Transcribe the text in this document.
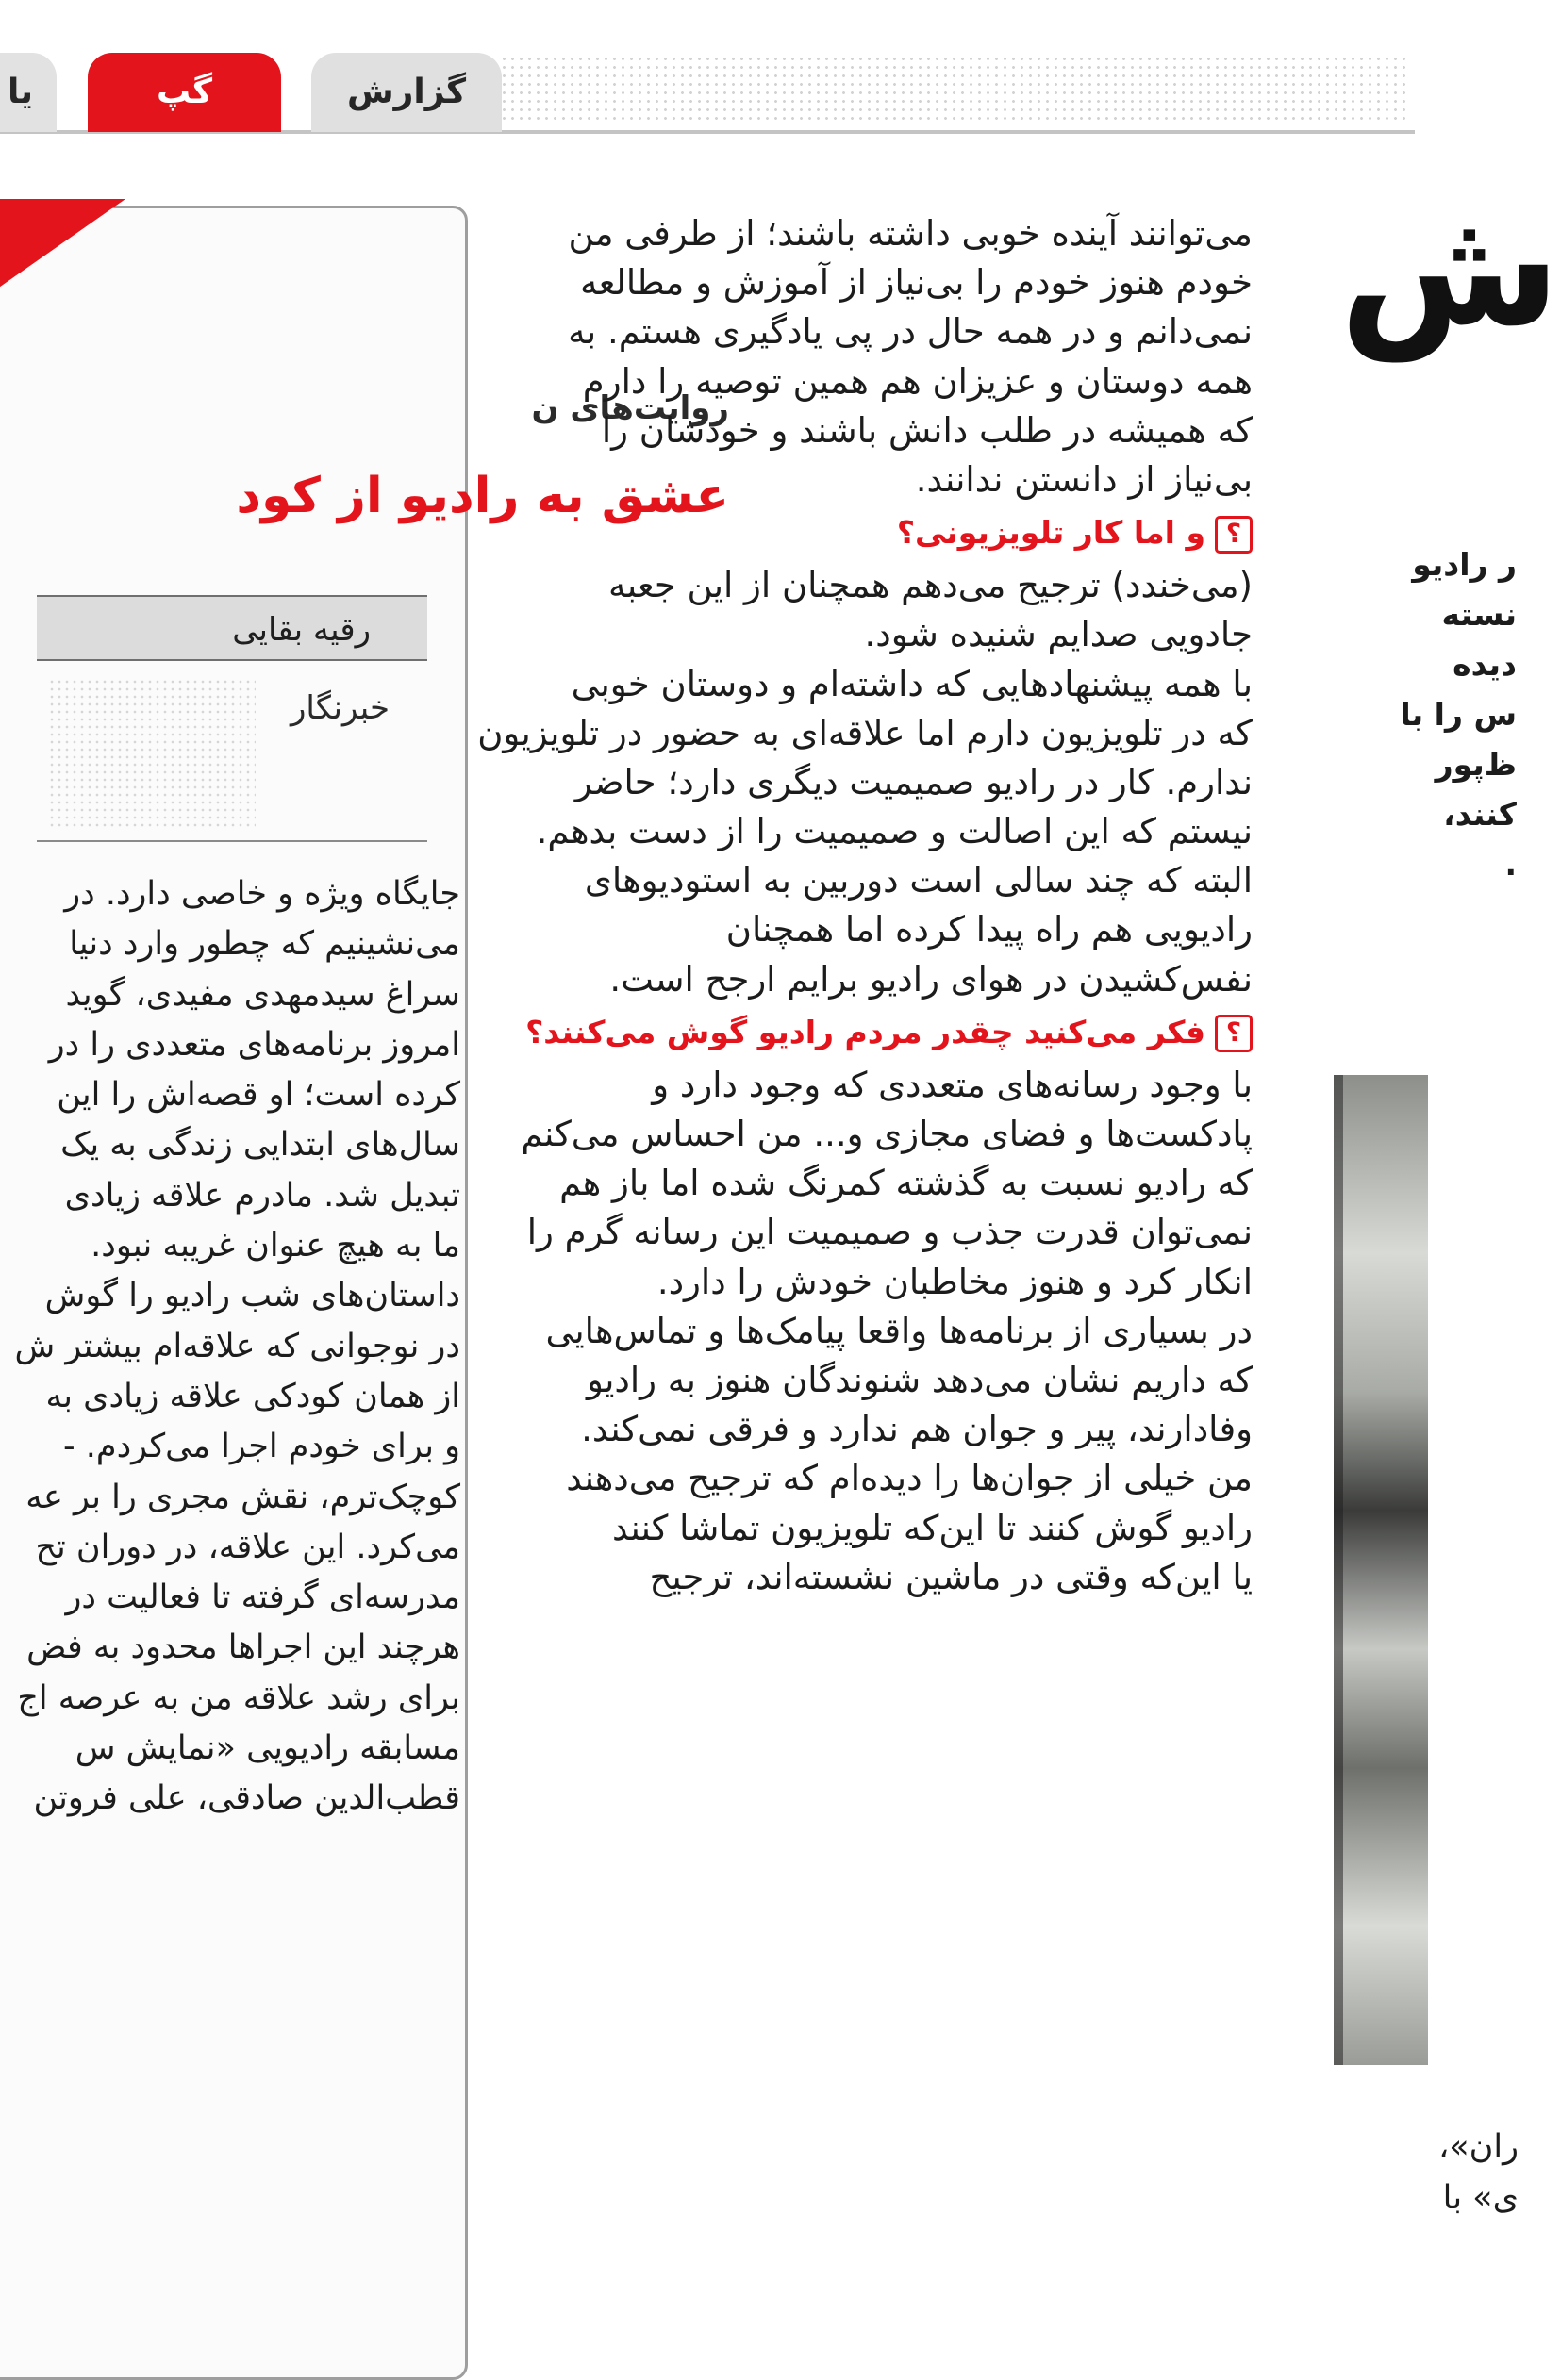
یا	گپ	گزارش
روایت‌های ن
عشق به رادیو از کود
رقیه بقایی
خبرنگار
جایگاه ویژه و خاصی دارد. در
می‌نشینیم که چطور وارد دنیا
سراغ سیدمهدی مفیدی، گوید
امروز برنامه‌های متعددی را در
کرده است؛ او قصه‌اش را این
سال‌های ابتدایی زندگی به یک
تبدیل شد. مادرم علاقه زیادی
ما به هیچ عنوان غریبه نبود.
داستان‌های شب رادیو را گوش
در نوجوانی که علاقه‌ام بیشتر ش
از همان کودکی علاقه زیادی به
و برای خودم اجرا می‌کردم. -
کوچک‌ترم، نقش مجری را بر عه
می‌کرد. این علاقه، در دوران تح
مدرسه‌ای گرفته تا فعالیت در
هرچند این اجراها محدود به فض
برای رشد علاقه من به عرصه اج
مسابقه رادیویی «نمایش س
قطب‌الدین صادقی، علی فروتن
می‌توانند آینده خوبی داشته باشند؛ از طرفی من
خودم هنوز خودم را بی‌نیاز از آموزش و مطالعه
نمی‌دانم و در همه حال در پی یادگیری هستم. به
همه دوستان و عزیزان هم همین توصیه را دارم
که همیشه در طلب دانش باشند و خودشان را
بی‌نیاز از دانستن ندانند.
؟و اما کار تلویزیونی؟
(می‌خندد) ترجیح می‌دهم همچنان از این جعبه
جادویی صدایم شنیده شود.
با همه پیشنهادهایی که داشته‌ام و دوستان خوبی
که در تلویزیون دارم اما علاقه‌ای به حضور در تلویزیون
ندارم. کار در رادیو صمیمیت دیگری دارد؛ حاضر
نیستم که این اصالت و صمیمیت را از دست بدهم.
البته که چند سالی است دوربین به استودیوهای
رادیویی هم راه پیدا کرده اما همچنان
نفس‌کشیدن در هوای رادیو برایم ارجح است.
؟فکر می‌کنید چقدر مردم رادیو گوش می‌کنند؟
با وجود رسانه‌های متعددی که وجود دارد و
پادکست‌ها و فضای مجازی و... من احساس می‌کنم
که رادیو نسبت به گذشته کمرنگ شده اما باز هم
نمی‌توان قدرت جذب و صمیمیت این رسانه گرم را
انکار کرد و هنوز مخاطبان خودش را دارد.
در بسیاری از برنامه‌ها واقعا پیامک‌ها و تماس‌هایی
که داریم نشان می‌دهد شنوندگان هنوز به رادیو
وفادارند، پیر و جوان هم ندارد و فرقی نمی‌کند.
من خیلی از جوان‌ها را دیده‌ام که ترجیح می‌دهند
رادیو گوش کنند تا این‌که تلویزیون تماشا کنند
یا این‌که وقتی در ماشین نشسته‌اند، ترجیح
ش
ر رادیو
نسته
دیده
س را با
ظ‌پور
کنند،
.
ران»،
ی» با
